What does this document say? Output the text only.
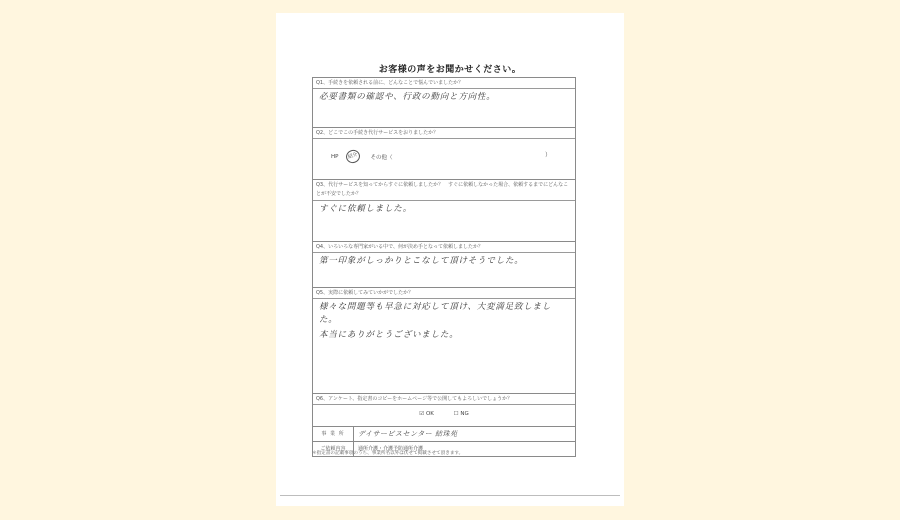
お客様の声をお聞かせください。
Q1、手続きを依頼される前に、どんなことで悩んでいましたか？
必要書類の確認や、行政の動向と方向性。
Q2、どこでこの手続き代行サービスをおりましたか？
HP	紹介	その他（	）
Q3、代行サービスを知ってからすぐに依頼しましたか？　すぐに依頼しなかった場合、依頼するまでにどんなことが不安でしたか？
すぐに依頼しました。
Q4、いろいろな専門家がいる中で、何が決め手となって依頼しましたか？
第一印象がしっかりとこなして頂けそうでした。
Q5、実際に依頼してみていかがでしたか？
様々な問題等も早急に対応して頂け、大変満足致しました。
本当にありがとうございました。
Q6、アンケート、指定書のコピーをホームページ等で公開してもよろしいでしょうか？
☑ OK	☐ NG
事 業 所	デイサービスセンター 結珠苑
ご依頼内容	通所介護・介護予防通所介護
＊指定書の記載事項のうち、事業所名以外は伏せて掲載させて頂きます。
